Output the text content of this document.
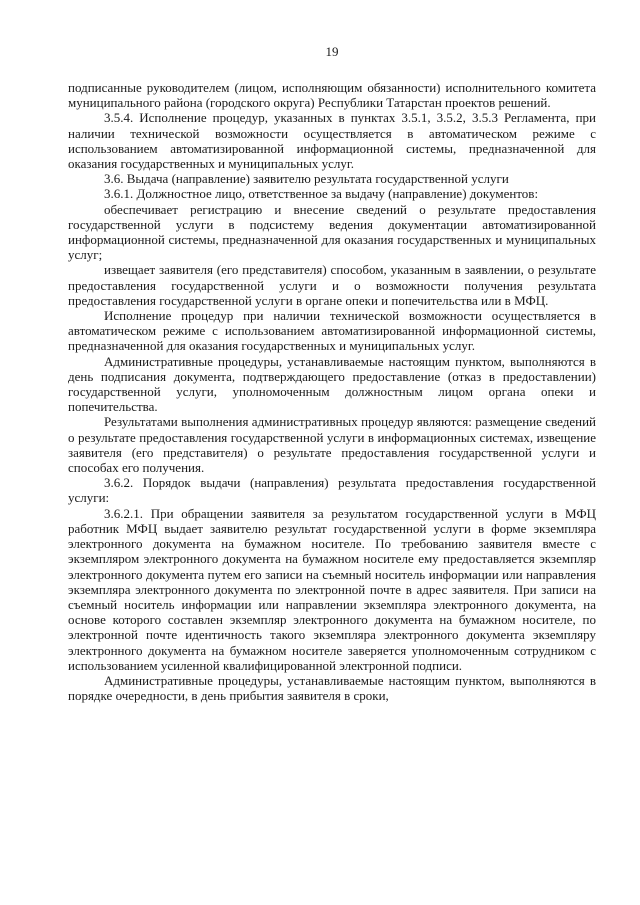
19

подписанные руководителем (лицом, исполняющим обязанности) исполнительного комитета муниципального района (городского округа) Республики Татарстан проектов решений.

3.5.4. Исполнение процедур, указанных в пунктах 3.5.1, 3.5.2, 3.5.3 Регламента, при наличии технической возможности осуществляется в автоматическом режиме с использованием автоматизированной информационной системы, предназначенной для оказания государственных и муниципальных услуг.

3.6. Выдача (направление) заявителю результата государственной услуги

3.6.1. Должностное лицо, ответственное за выдачу (направление) документов:

обеспечивает регистрацию и внесение сведений о результате предоставления государственной услуги в подсистему ведения документации автоматизированной информационной системы, предназначенной для оказания государственных и муниципальных услуг;

извещает заявителя (его представителя) способом, указанным в заявлении, о результате предоставления государственной услуги и о возможности получения результата предоставления государственной услуги в органе опеки и попечительства или в МФЦ.

Исполнение процедур при наличии технической возможности осуществляется в автоматическом режиме с использованием автоматизированной информационной системы, предназначенной для оказания государственных и муниципальных услуг.

Административные процедуры, устанавливаемые настоящим пунктом, выполняются в день подписания документа, подтверждающего предоставление (отказ в предоставлении) государственной услуги, уполномоченным должностным лицом органа опеки и попечительства.

Результатами выполнения административных процедур являются: размещение сведений о результате предоставления государственной услуги в информационных системах, извещение заявителя (его представителя) о результате предоставления государственной услуги и способах его получения.

3.6.2. Порядок выдачи (направления) результата предоставления государственной услуги:

3.6.2.1. При обращении заявителя за результатом государственной услуги в МФЦ работник МФЦ выдает заявителю результат государственной услуги в форме экземпляра электронного документа на бумажном носителе. По требованию заявителя вместе с экземпляром электронного документа на бумажном носителе ему предоставляется экземпляр электронного документа путем его записи на съемный носитель информации или направления экземпляра электронного документа по электронной почте в адрес заявителя. При записи на съемный носитель информации или направлении экземпляра электронного документа, на основе которого составлен экземпляр электронного документа на бумажном носителе, по электронной почте идентичность такого экземпляра электронного документа экземпляру электронного документа на бумажном носителе заверяется уполномоченным сотрудником с использованием усиленной квалифицированной электронной подписи.

Административные процедуры, устанавливаемые настоящим пунктом, выполняются в порядке очередности, в день прибытия заявителя в сроки,
